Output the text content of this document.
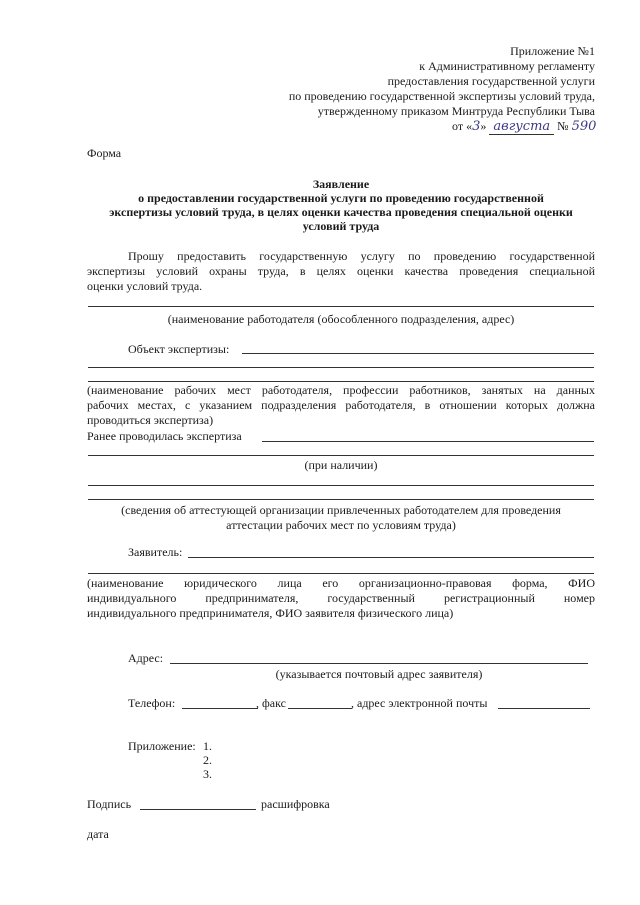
Приложение №1
к Административному регламенту
предоставления государственной услуги
по проведению государственной экспертизы условий труда,
утвержденному приказом Минтруда Республики Тыва
от «3» августа № 590
Форма
Заявление
о предоставлении государственной услуги по проведению государственной
экспертизы условий труда, в целях оценки качества проведения специальной оценки
условий труда
Прошу предоставить государственную услугу по проведению государственной
экспертизы условий охраны труда, в целях оценки качества проведения специальной
оценки условий труда.
(наименование работодателя (обособленного подразделения, адрес)
Объект экспертизы:
(наименование рабочих мест работодателя, профессии работников, занятых на данных
рабочих местах, с указанием подразделения работодателя, в отношении которых должна
проводиться экспертиза)
Ранее проводилась экспертиза
(при наличии)
(сведения об аттестующей организации привлеченных работодателем для проведения
аттестации рабочих мест по условиям труда)
Заявитель:
(наименование юридического лица его организационно-правовая форма, ФИО
индивидуального предпринимателя, государственный регистрационный номер
индивидуального предпринимателя, ФИО заявителя физического лица)
Адрес:
(указывается почтовый адрес заявителя)
Телефон:	, факс	, адрес электронной почты
Приложение: 1.
2.
3.
Подпись	расшифровка
дата
